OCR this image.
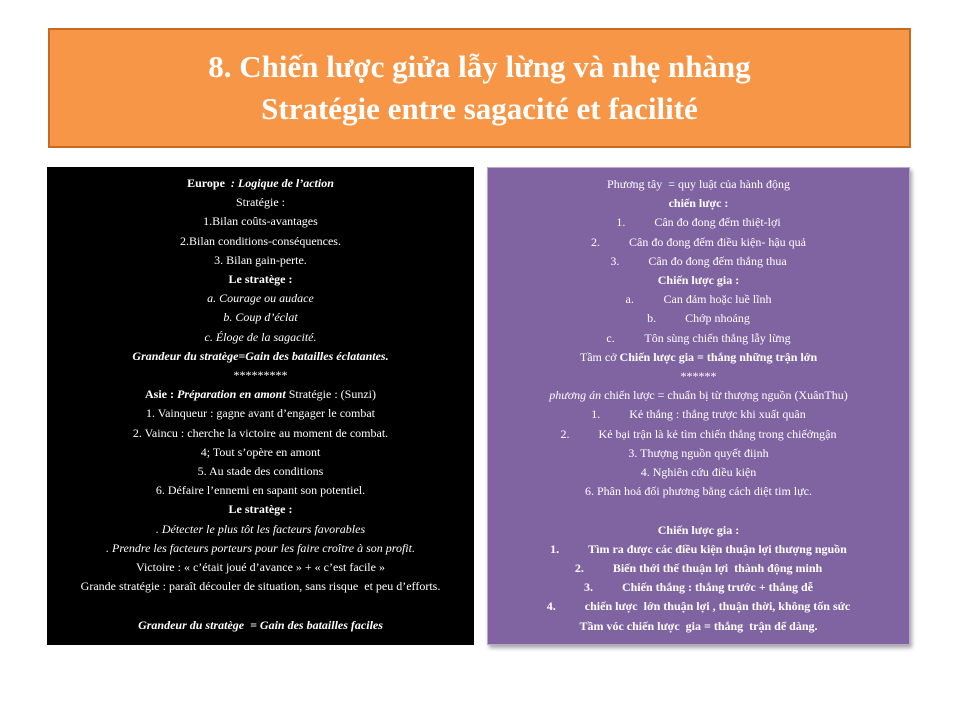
8. Chiến lược giửa lẫy lừng và nhẹ nhàng
Stratégie entre sagacité et facilité
Europe  : Logique de l’action
Stratégie :
1.Bilan coûts-avantages
2.Bilan conditions-conséquences.
3. Bilan gain-perte.
Le stratège :
a. Courage ou audace
b. Coup d’éclat
c. Éloge de la sagacité.
Grandeur du stratège=Gain des batailles éclatantes.
*********
Asie : Préparation en amont Stratégie : (Sunzi)
1. Vainqueur : gagne avant d’engager le combat
2. Vaincu : cherche la victoire au moment de combat.
4; Tout s’opère en amont
5. Au stade des conditions
6. Défaire l’ennemi en sapant son potentiel.
Le stratège :
. Détecter le plus tôt les facteurs favorables
. Prendre les facteurs porteurs pour les faire croître à son profit.
Victoire : « c’était joué d’avance » + « c’est facile »
Grande stratégie : paraît découler de situation, sans risque  et peu d’efforts.
Grandeur du stratège  = Gain des batailles faciles
Phương tây  = quy luật của hành động
chiến lược :
1. Cân đo đong đếm thiệt-lợi
2. Cân đo đong đếm điều kiện- hậu quả
3. Cân đo đong đếm thắng thua
Chiến lược gia :
a. Can đảm hoặc luề lĩnh
b. Chớp nhoáng
c. Tôn sùng chiến thắng lẫy lừng
Tầm cở Chiến lược gia = thắng những trận lớn
******
phương án chiến lược = chuẩn bị từ thượng nguồn (XuânThu)
1. Kẻ thắng : thắng trược khi xuất quân
2. Kẻ bại trận là kẻ tìm chiến thắng trong chiếởngận
3. Thượng nguồn quyết điịnh
4. Nghiên cứu điều kiện
6. Phân hoá đối phương bằng cách diệt tim lực.
Chiến lược gia :
1. Tìm ra được các điều kiện thuận lợi thượng nguồn
2. Biến thới thế thuận lợi  thành động minh
3. Chiến thắng : thắng trước + thắng dễ
4. chiến lược  lớn thuận lợi , thuận thời, không tốn sức
Tầm vóc chiến lược  gia = thắng  trận dể dàng.
